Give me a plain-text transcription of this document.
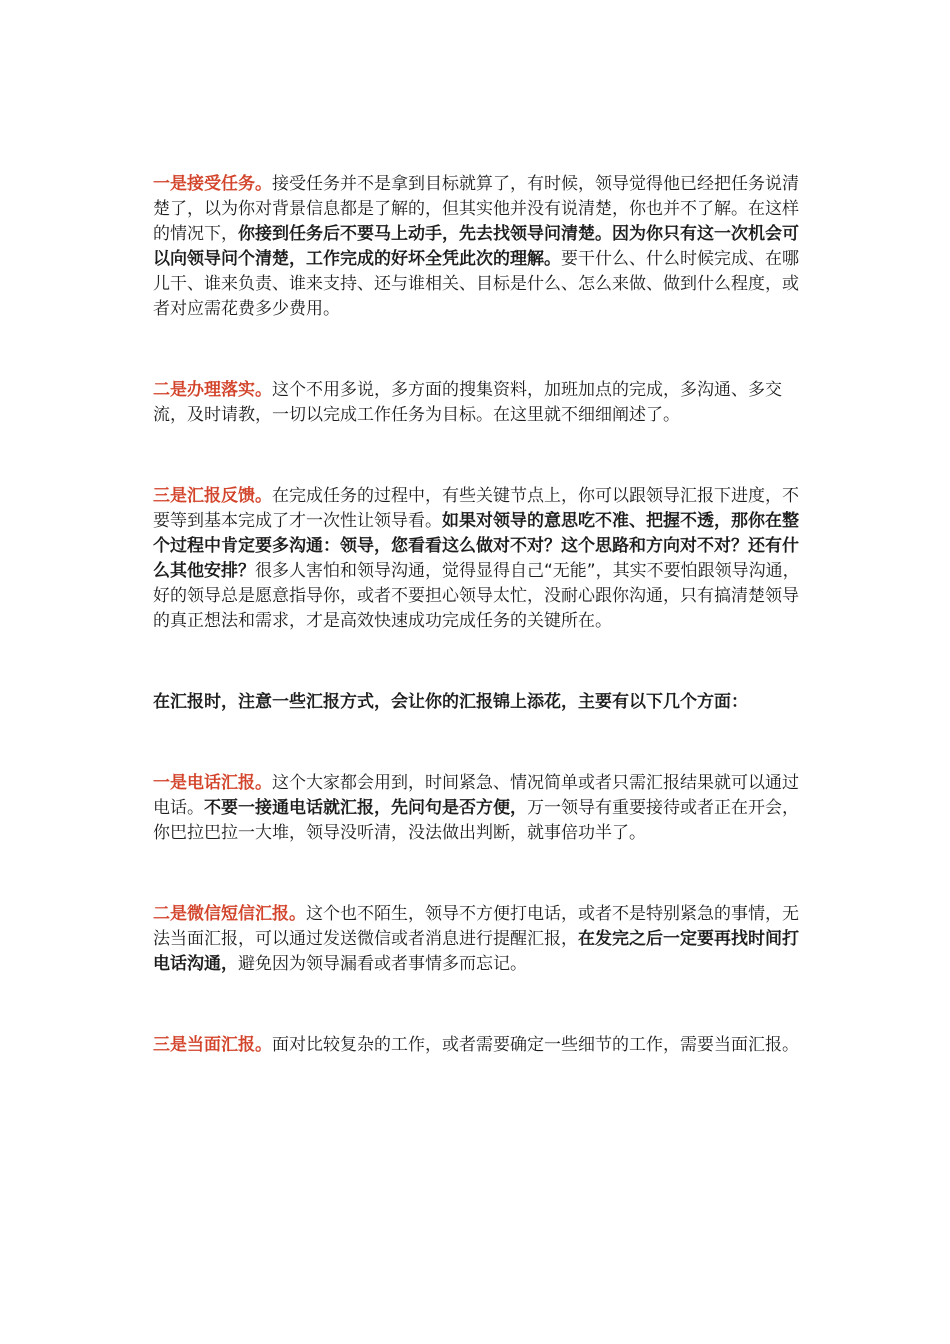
一是接受任务。接受任务并不是拿到目标就算了，有时候，领导觉得他已经把任务说清楚了，以为你对背景信息都是了解的，但其实他并没有说清楚，你也并不了解。在这样的情况下，你接到任务后不要马上动手，先去找领导问清楚。因为你只有这一次机会可以向领导问个清楚，工作完成的好坏全凭此次的理解。要干什么、什么时候完成、在哪儿干、谁来负责、谁来支持、还与谁相关、目标是什么、怎么来做、做到什么程度，或者对应需花费多少费用。

二是办理落实。这个不用多说，多方面的搜集资料，加班加点的完成，多沟通、多交流，及时请教，一切以完成工作任务为目标。在这里就不细细阐述了。

三是汇报反馈。在完成任务的过程中，有些关键节点上，你可以跟领导汇报下进度，不要等到基本完成了才一次性让领导看。如果对领导的意思吃不准、把握不透，那你在整个过程中肯定要多沟通：领导，您看看这么做对不对？这个思路和方向对不对？还有什么其他安排？很多人害怕和领导沟通，觉得显得自己“无能”，其实不要怕跟领导沟通，好的领导总是愿意指导你，或者不要担心领导太忙，没耐心跟你沟通，只有搞清楚领导的真正想法和需求，才是高效快速成功完成任务的关键所在。

在汇报时，注意一些汇报方式，会让你的汇报锦上添花，主要有以下几个方面：

一是电话汇报。这个大家都会用到，时间紧急、情况简单或者只需汇报结果就可以通过电话。不要一接通电话就汇报，先问句是否方便，万一领导有重要接待或者正在开会，你巴拉巴拉一大堆，领导没听清，没法做出判断，就事倍功半了。

二是微信短信汇报。这个也不陌生，领导不方便打电话，或者不是特别紧急的事情，无法当面汇报，可以通过发送微信或者消息进行提醒汇报，在发完之后一定要再找时间打电话沟通，避免因为领导漏看或者事情多而忘记。

三是当面汇报。面对比较复杂的工作，或者需要确定一些细节的工作，需要当面汇报。
